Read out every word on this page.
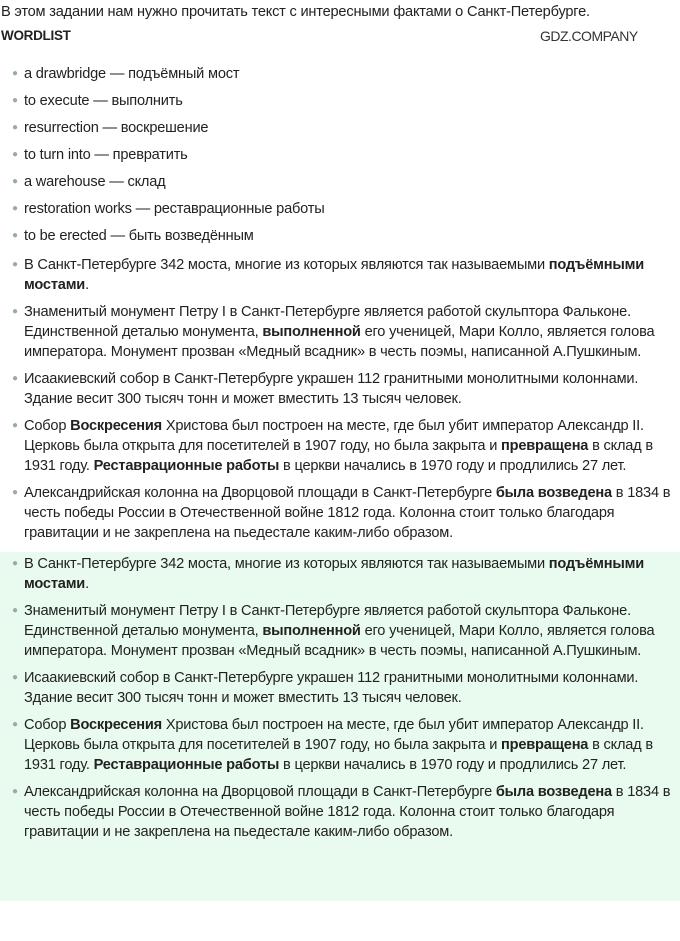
В этом задании нам нужно прочитать текст с интересными фактами о Санкт-Петербурге.
WORDLIST	GDZ.COMPANY
● a drawbridge — подъёмный мост
● to execute — выполнить
● resurrection — воскрешение
● to turn into — превратить
● a warehouse — склад
● restoration works — реставрационные работы
● to be erected — быть возведённым
● В Санкт-Петербурге 342 моста, многие из которых являются так называемыми подъёмными мостами.
● Знаменитый монумент Петру I в Санкт-Петербурге является работой скульптора Фальконе. Единственной деталью монумента, выполненной его ученицей, Мари Колло, является голова императора. Монумент прозван «Медный всадник» в честь поэмы, написанной А.Пушкиным.
● Исаакиевский собор в Санкт-Петербурге украшен 112 гранитными монолитными колоннами. Здание весит 300 тысяч тонн и может вместить 13 тысяч человек.
● Собор Воскресения Христова был построен на месте, где был убит император Александр II. Церковь была открыта для посетителей в 1907 году, но была закрыта и превращена в склад в 1931 году. Реставрационные работы в церкви начались в 1970 году и продлились 27 лет.
● Александрийская колонна на Дворцовой площади в Санкт-Петербурге была возведена в 1834 в честь победы России в Отечественной войне 1812 года. Колонна стоит только благодаря гравитации и не закреплена на пьедестале каким-либо образом.
● В Санкт-Петербурге 342 моста, многие из которых являются так называемыми подъёмными мостами.
● Знаменитый монумент Петру I в Санкт-Петербурге является работой скульптора Фальконе. Единственной деталью монумента, выполненной его ученицей, Мари Колло, является голова императора. Монумент прозван «Медный всадник» в честь поэмы, написанной А.Пушкиным.
● Исаакиевский собор в Санкт-Петербурге украшен 112 гранитными монолитными колоннами. Здание весит 300 тысяч тонн и может вместить 13 тысяч человек.
● Собор Воскресения Христова был построен на месте, где был убит император Александр II. Церковь была открыта для посетителей в 1907 году, но была закрыта и превращена в склад в 1931 году. Реставрационные работы в церкви начались в 1970 году и продлились 27 лет.
● Александрийская колонна на Дворцовой площади в Санкт-Петербурге была возведена в 1834 в честь победы России в Отечественной войне 1812 года. Колонна стоит только благодаря гравитации и не закреплена на пьедестале каким-либо образом.
